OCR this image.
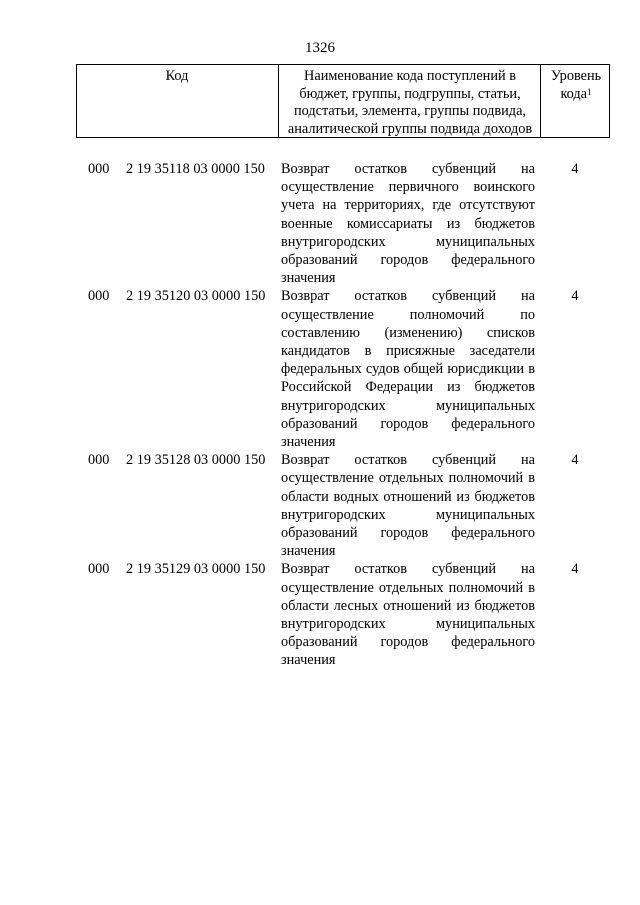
1326
Код	Наименование кода поступлений в бюджет, группы, подгруппы, статьи, подстатьи, элемента, группы подвида, аналитической группы подвида доходов
Уровень кода$^1$
000 2 19 35118 03 0000 150 Возврат остатков субвенций на осуществление первичного воинского учета на территориях, где отсутствуют военные комиссариаты из бюджетов внутригородских муниципальных образований городов федерального значения
4
000 2 19 35120 03 0000 150 Возврат остатков субвенций на осуществление полномочий по составлению (изменению) списков кандидатов в присяжные заседатели федеральных судов общей юрисдикции в Российской Федерации из бюджетов внутригородских муниципальных образований городов федерального значения
4
000 2 19 35128 03 0000 150 Возврат остатков субвенций на осуществление отдельных полномочий в области водных отношений из бюджетов внутригородских муниципальных образований городов федерального значения
4
000 2 19 35129 03 0000 150 Возврат остатков субвенций на осуществление отдельных полномочий в области лесных отношений из бюджетов внутригородских муниципальных образований городов федерального значения
4
